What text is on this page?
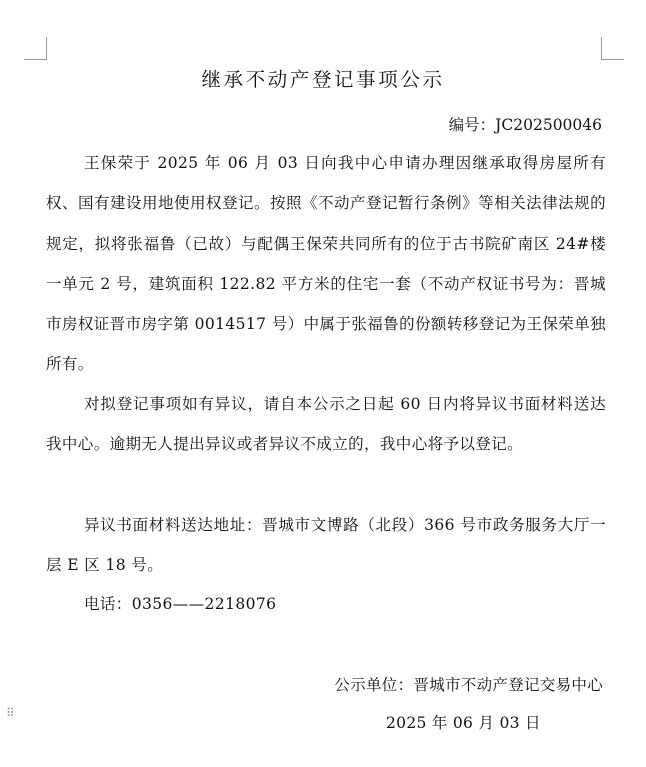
继承不动产登记事项公示
编号：JC202500046

王保荣于 2025 年 06 月 03 日向我中心申请办理因继承取得房屋所有权、国有建设用地使用权登记。按照《不动产登记暂行条例》等相关法律法规的规定，拟将张福鲁（已故）与配偶王保荣共同所有的位于古书院矿南区 24#楼一单元 2 号，建筑面积 122.82 平方米的住宅一套（不动产权证书号为：晋城市房权证晋市房字第 0014517 号）中属于张福鲁的份额转移登记为王保荣单独所有。

对拟登记事项如有异议，请自本公示之日起 60 日内将异议书面材料送达我中心。逾期无人提出异议或者异议不成立的，我中心将予以登记。

异议书面材料送达地址：晋城市文博路（北段）366 号市政务服务大厅一层 E 区 18 号。

电话：0356——2218076
公示单位：晋城市不动产登记交易中心
2025 年 06 月 03 日
⠿
